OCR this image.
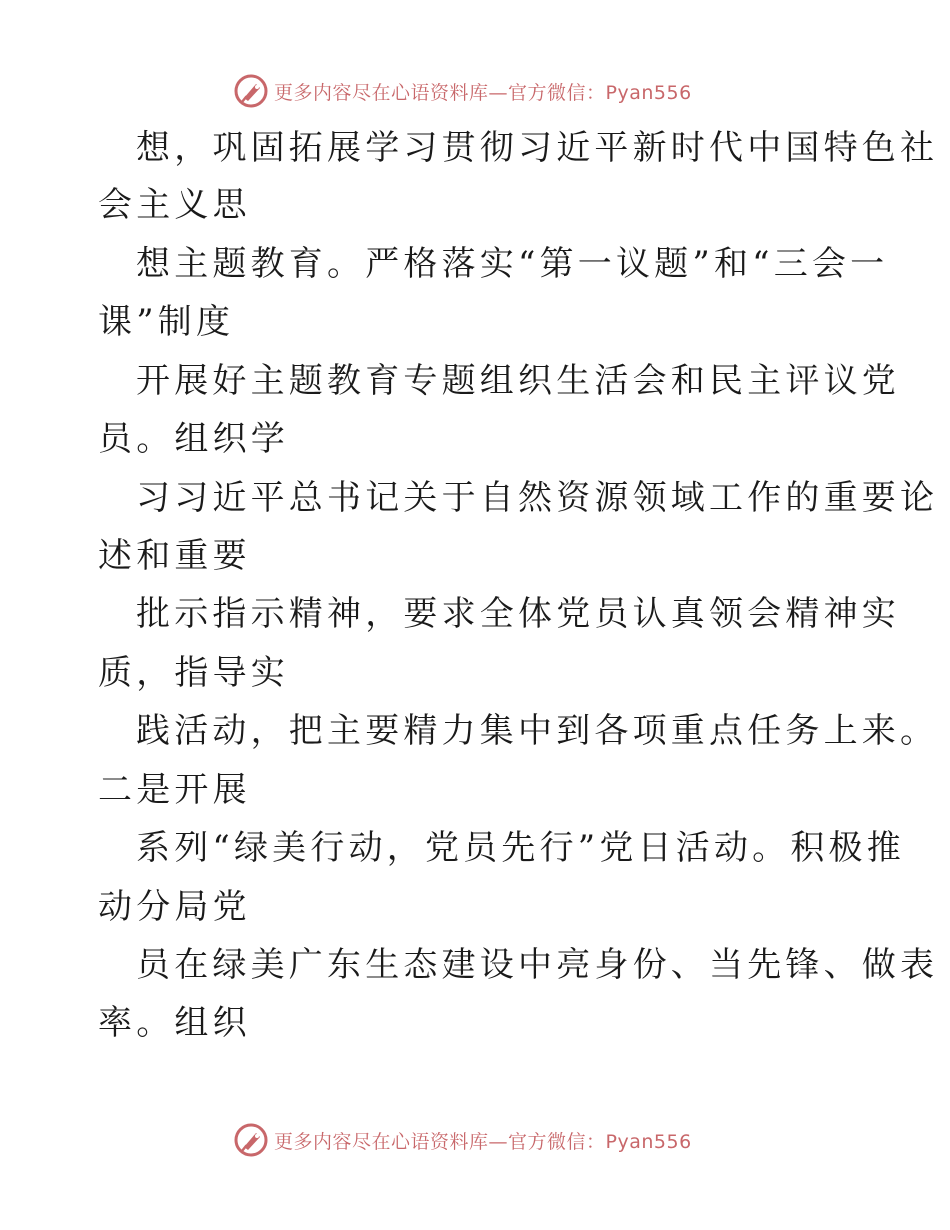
更多内容尽在心语资料库—官方微信：Pyan556
想，巩固拓展学习贯彻习近平新时代中国特色社
会主义思
想主题教育。严格落实“第一议题”和“三会一
课”制度
开展好主题教育专题组织生活会和民主评议党
员。组织学
习习近平总书记关于自然资源领域工作的重要论
述和重要
批示指示精神，要求全体党员认真领会精神实
质，指导实
践活动，把主要精力集中到各项重点任务上来。
二是开展
系列“绿美行动，党员先行”党日活动。积极推
动分局党
员在绿美广东生态建设中亮身份、当先锋、做表
率。组织
更多内容尽在心语资料库—官方微信：Pyan556
